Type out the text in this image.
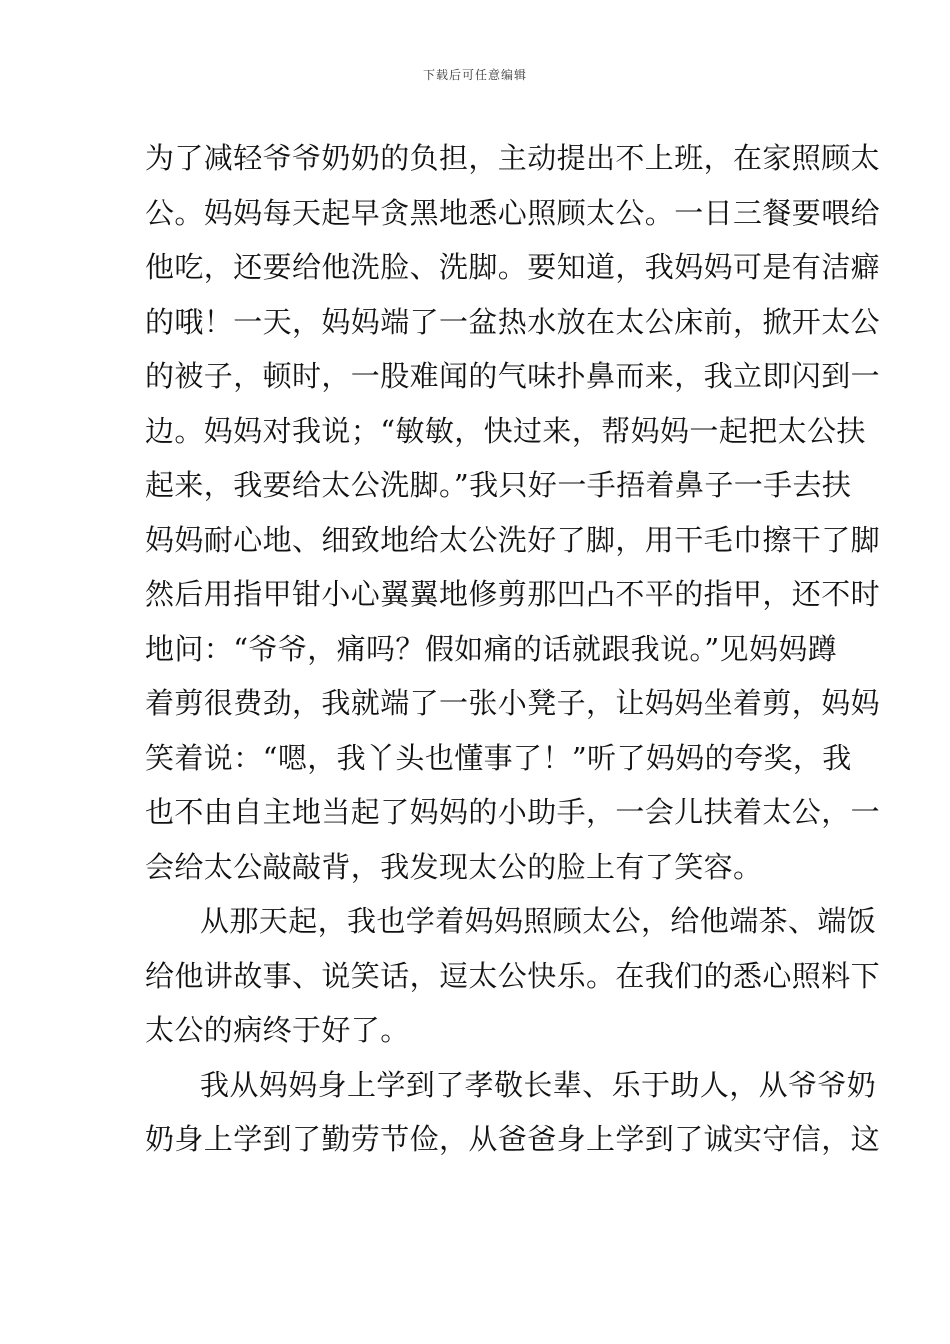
下载后可任意编辑
为了减轻爷爷奶奶的负担，主动提出不上班，在家照顾太
公。妈妈每天起早贪黑地悉心照顾太公。一日三餐要喂给
他吃，还要给他洗脸、洗脚。要知道，我妈妈可是有洁癖
的哦！一天，妈妈端了一盆热水放在太公床前，掀开太公
的被子，顿时，一股难闻的气味扑鼻而来，我立即闪到一
边。妈妈对我说；“敏敏，快过来，帮妈妈一起把太公扶
起来，我要给太公洗脚。”我只好一手捂着鼻子一手去扶
妈妈耐心地、细致地给太公洗好了脚，用干毛巾擦干了脚
然后用指甲钳小心翼翼地修剪那凹凸不平的指甲，还不时
地问：“爷爷，痛吗？假如痛的话就跟我说。”见妈妈蹲
着剪很费劲，我就端了一张小凳子，让妈妈坐着剪，妈妈
笑着说：“嗯，我丫头也懂事了！”听了妈妈的夸奖，我
也不由自主地当起了妈妈的小助手，一会儿扶着太公，一
会给太公敲敲背，我发现太公的脸上有了笑容。
从那天起，我也学着妈妈照顾太公，给他端茶、端饭
给他讲故事、说笑话，逗太公快乐。在我们的悉心照料下
太公的病终于好了。
我从妈妈身上学到了孝敬长辈、乐于助人，从爷爷奶
奶身上学到了勤劳节俭，从爸爸身上学到了诚实守信，这
